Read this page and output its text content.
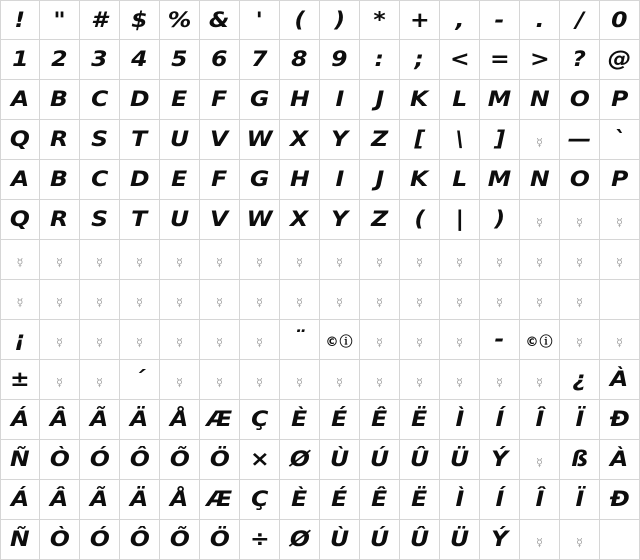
!	"	#	$ % &	'	(	)	*	+	,	-	.	/	0
1	2	3	4	5	6	7	8	9	:	;	< = >	?	@
A	B	C	D	E	F	G H	I	J	K	L M N O	P
Q R	S	T	U	V W X	Y	Z	[	\	]	☿	—	`
A	B	C	D	E	F	G H	I	J	K	L M N O	P
Q R	S	T	U	V W X	Y	Z	(	|	)	☿	☿	☿
☿	☿	☿	☿	☿	☿	☿	☿	☿	☿	☿	☿	☿	☿	☿	☿
☿	☿	☿	☿	☿	☿	☿	☿	☿	☿	☿	☿	☿	☿	☿
¡	☿	☿	☿	☿	☿	☿	¨	©ⓘ	☿	☿	☿	-	©ⓘ	☿	☿
±	☿	☿	´	☿	☿	☿	☿	☿	☿	☿	☿	☿	☿	¿	À
Á	Â	Ã	Ä	Å Æ Ç	È	É	Ê	Ë	Ì	Í	Î	Ï	Ð
Ñ Ò Ó Ô Õ Ö × Ø Ù Ú Û Ü	Ý	☿	ß	À
Á	Â	Ã	Ä	Å Æ Ç	È	É	Ê	Ë	Ì	Í	Î	Ï	Ð
Ñ Ò Ó Ô Õ Ö ÷ Ø Ù Ú Û Ü	Ý	☿	☿
